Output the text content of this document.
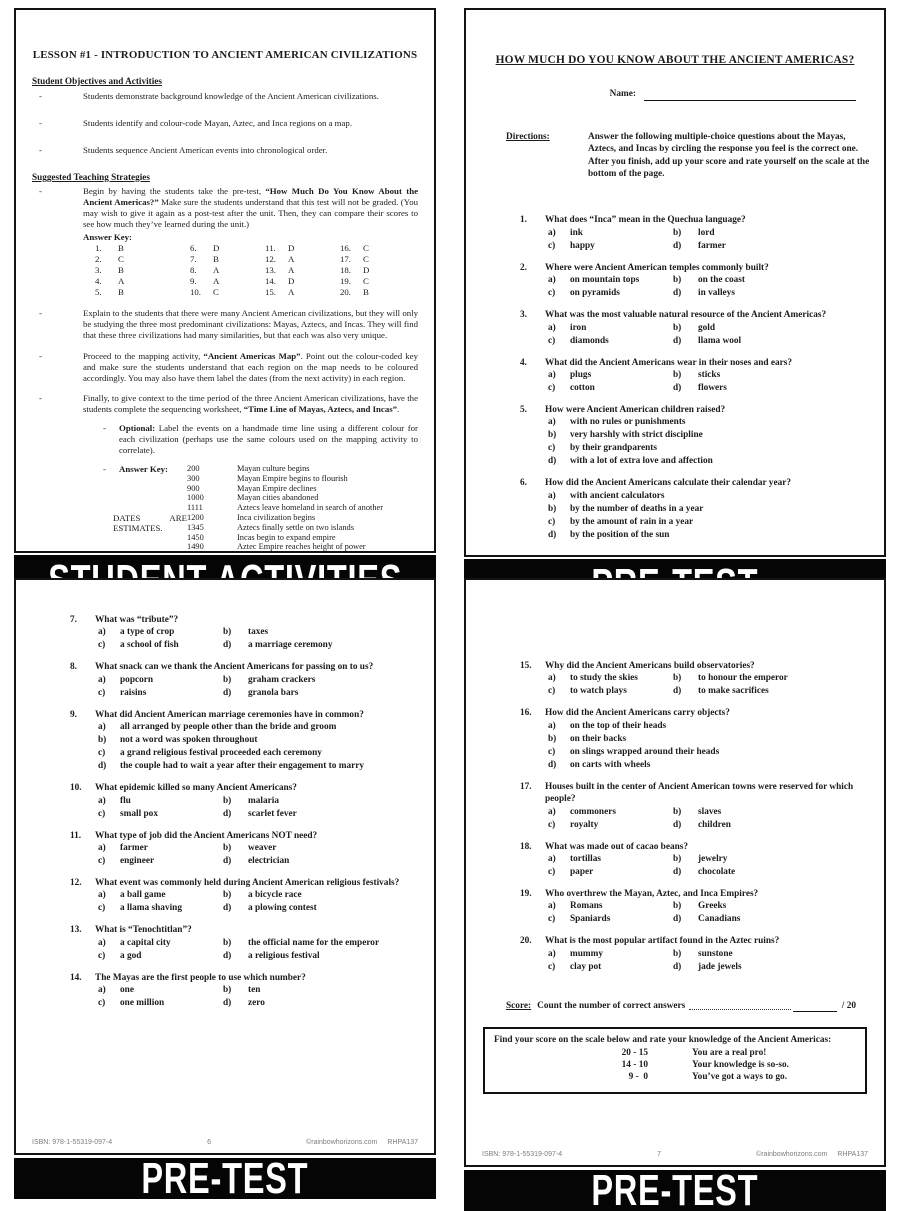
LESSON #1 - INTRODUCTION TO ANCIENT AMERICAN CIVILIZATIONS
Student Objectives and Activities
-	Students demonstrate background knowledge of the Ancient American civilizations.
-	Students identify and colour-code Mayan, Aztec, and Inca regions on a map.
-	Students sequence Ancient American events into chronological order.
Suggested Teaching Strategies
-	Begin by having the students take the pre-test, “How Much Do You Know About the Ancient Americas?” Make sure the students understand that this test will not be graded. (You may wish to give it again as a post-test after the unit. Then, they can compare their scores to see how much they’ve learned during the unit.)
Answer Key:
1.	B	6.	D	11.	D	16.	C
2.	C	7.	B	12.	A	17.	C
3.	B	8.	A	13.	A	18.	D
4.	A	9.	A	14.	D	19.	C
5.	B	10.	C	15.	A	20.	B
-	Explain to the students that there were many Ancient American civilizations, but they will only be studying the three most predominant civilizations: Mayas, Aztecs, and Incas. They will find that these three civilizations had many similarities, but that each was also very unique.
-	Proceed to the mapping activity, “Ancient Americas Map”. Point out the colour-coded key and make sure the students understand that each region on the map needs to be coloured accordingly. You may also have them label the dates (from the next activity) in each region.
-	Finally, to give context to the time period of the three Ancient American civilizations, have the students complete the sequencing worksheet, “Time Line of Mayas, Aztecs, and Incas”.
-	Optional: Label the events on a handmade time line using a different colour for each civilization (perhaps use the same colours used on the mapping activity to correlate).
-	Answer Key:
DATES ARE ESTIMATES.
200	Mayan culture begins
300	Mayan Empire begins to flourish
900	Mayan Empire declines
1000	Mayan cities abandoned
1111	Aztecs leave homeland in search of another
1200	Inca civilization begins
1345	Aztecs finally settle on two islands
1450	Incas begin to expand empire
1490	Aztec Empire reaches height of power
HOW MUCH DO YOU KNOW ABOUT THE ANCIENT AMERICAS?
Name:
Directions:	Answer the following multiple-choice questions about the Mayas, Aztecs, and Incas by circling the response you feel is the correct one. After you finish, add up your score and rate yourself on the scale at the bottom of the page.
1.	What does “Inca” mean in the Quechua language?
a)	ink	b)	lord
c)	happy	d)	farmer
2.	Where were Ancient American temples commonly built?
a)	on mountain tops	b)	on the coast
c)	on pyramids	d)	in valleys
3.	What was the most valuable natural resource of the Ancient Americas?
a)	iron	b)	gold
c)	diamonds	d)	llama wool
4.	What did the Ancient Americans wear in their noses and ears?
a)	plugs	b)	sticks
c)	cotton	d)	flowers
5.	How were Ancient American children raised?
a)	with no rules or punishments
b)	very harshly with strict discipline
c)	by their grandparents
d)	with a lot of extra love and affection
6.	How did the Ancient Americans calculate their calendar year?
a)	with ancient calculators
b)	by the number of deaths in a year
c)	by the amount of rain in a year
d)	by the position of the sun
7.	What was “tribute”?
a)	a type of crop	b)	taxes
c)	a school of fish	d)	a marriage ceremony
8.	What snack can we thank the Ancient Americans for passing on to us?
a)	popcorn	b)	graham crackers
c)	raisins	d)	granola bars
9.	What did Ancient American marriage ceremonies have in common?
a)	all arranged by people other than the bride and groom
b)	not a word was spoken throughout
c)	a grand religious festival proceeded each ceremony
d)	the couple had to wait a year after their engagement to marry
10.	What epidemic killed so many Ancient Americans?
a)	flu	b)	malaria
c)	small pox	d)	scarlet fever
11.	What type of job did the Ancient Americans NOT need?
a)	farmer	b)	weaver
c)	engineer	d)	electrician
12.	What event was commonly held during Ancient American religious festivals?
a)	a ball game	b)	a bicycle race
c)	a llama shaving	d)	a plowing contest
13.	What is “Tenochtitlan”?
a)	a capital city	b)	the official name for the emperor
c)	a god	d)	a religious festival
14.	The Mayas are the first people to use which number?
a)	one	b)	ten
c)	one million	d)	zero
ISBN: 978-1-55319-097-4	6	©rainbowhorizons.com RHPA137
PRE-TEST
15.	Why did the Ancient Americans build observatories?
a)	to study the skies	b)	to honour the emperor
c)	to watch plays	d)	to make sacrifices
16.	How did the Ancient Americans carry objects?
a)	on the top of their heads
b)	on their backs
c)	on slings wrapped around their heads
d)	on carts with wheels
17.	Houses built in the center of Ancient American towns were reserved for which people?
a)	commoners	b)	slaves
c)	royalty	d)	children
18.	What was made out of cacao beans?
a)	tortillas	b)	jewelry
c)	paper	d)	chocolate
19.	Who overthrew the Mayan, Aztec, and Inca Empires?
a)	Romans	b)	Greeks
c)	Spaniards	d)	Canadians
20.	What is the most popular artifact found in the Aztec ruins?
a)	mummy	b)	sunstone
c)	clay pot	d)	jade jewels
Score: Count the number of correct answers	/ 20
Find your score on the scale below and rate your knowledge of the Ancient Americas:
20 - 15	You are a real pro!
14 - 10	Your knowledge is so-so.
9 -  0	You’ve got a ways to go.
ISBN: 978-1-55319-097-4	7	©rainbowhorizons.com RHPA137
PRE-TEST
